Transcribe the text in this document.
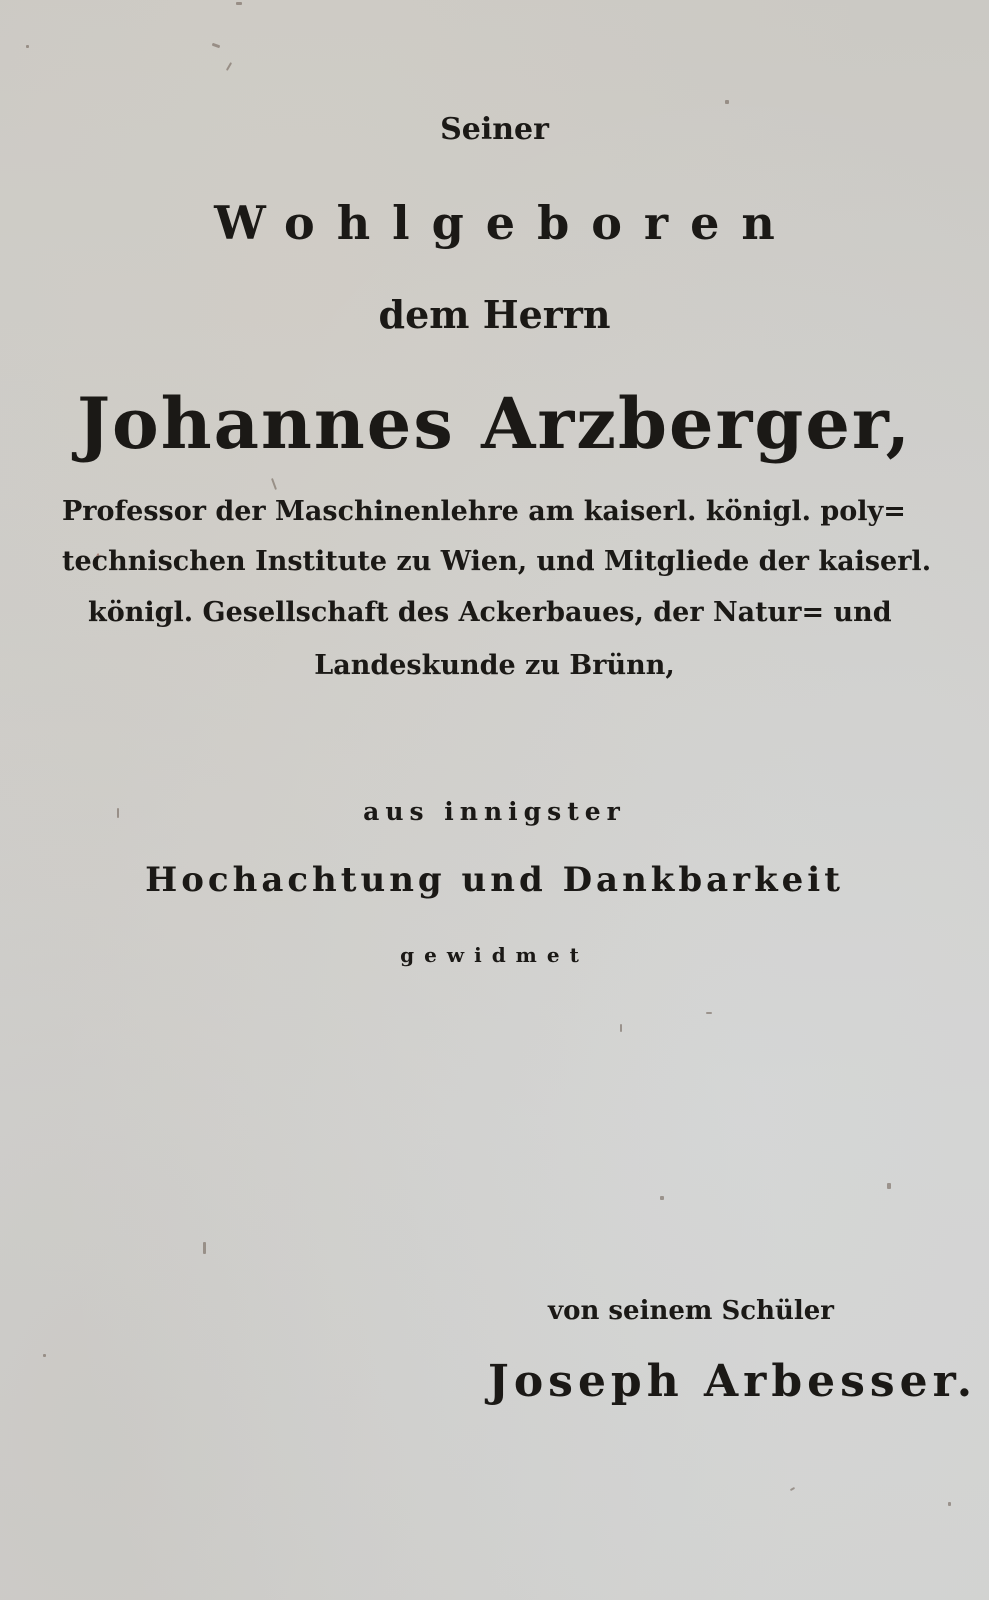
Seiner
Wohlgeboren
dem Herrn
Johannes Arzberger,
Professor der Maschinenlehre am kaiserl. königl. poly=
technischen Institute zu Wien, und Mitgliede der kaiserl.
königl. Gesellschaft des Ackerbaues, der Natur= und
Landeskunde zu Brünn,
aus innigster
Hochachtung und Dankbarkeit
gewidmet
von seinem Schüler
Joseph Arbesser.
